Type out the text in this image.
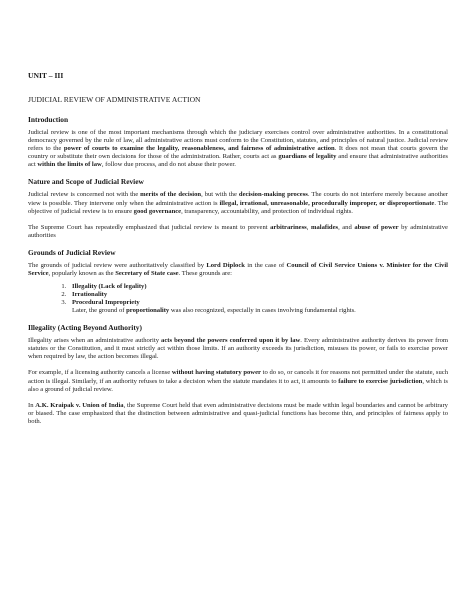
UNIT – III
JUDICIAL REVIEW OF ADMINISTRATIVE ACTION
Introduction

Judicial review is one of the most important mechanisms through which the judiciary exercises control over administrative authorities. In a constitutional democracy governed by the rule of law, all administrative actions must conform to the Constitution, statutes, and principles of natural justice. Judicial review refers to the power of courts to examine the legality, reasonableness, and fairness of administrative action. It does not mean that courts govern the country or substitute their own decisions for those of the administration. Rather, courts act as guardians of legality and ensure that administrative authorities act within the limits of law, follow due process, and do not abuse their power.

Nature and Scope of Judicial Review

Judicial review is concerned not with the merits of the decision, but with the decision-making process. The courts do not interfere merely because another view is possible. They intervene only when the administrative action is illegal, irrational, unreasonable, procedurally improper, or disproportionate. The objective of judicial review is to ensure good governance, transparency, accountability, and protection of individual rights.

The Supreme Court has repeatedly emphasized that judicial review is meant to prevent arbitrariness, malafides, and abuse of power by administrative authorities

Grounds of Judicial Review

The grounds of judicial review were authoritatively classified by Lord Diplock in the case of Council of Civil Service Unions v. Minister for the Civil Service, popularly known as the Secretary of State case. These grounds are:

1. Illegality (Lack of legality)
2. Irrationality
3. Procedural Impropriety
Later, the ground of proportionality was also recognized, especially in cases involving fundamental rights.
Illegality (Acting Beyond Authority)

Illegality arises when an administrative authority acts beyond the powers conferred upon it by law. Every administrative authority derives its power from statutes or the Constitution, and it must strictly act within those limits. If an authority exceeds its jurisdiction, misuses its power, or fails to exercise power when required by law, the action becomes illegal.

For example, if a licensing authority cancels a license without having statutory power to do so, or cancels it for reasons not permitted under the statute, such action is illegal. Similarly, if an authority refuses to take a decision when the statute mandates it to act, it amounts to failure to exercise jurisdiction, which is also a ground of judicial review.

In A.K. Kraipak v. Union of India, the Supreme Court held that even administrative decisions must be made within legal boundaries and cannot be arbitrary or biased. The case emphasized that the distinction between administrative and quasi-judicial functions has become thin, and principles of fairness apply to both.
